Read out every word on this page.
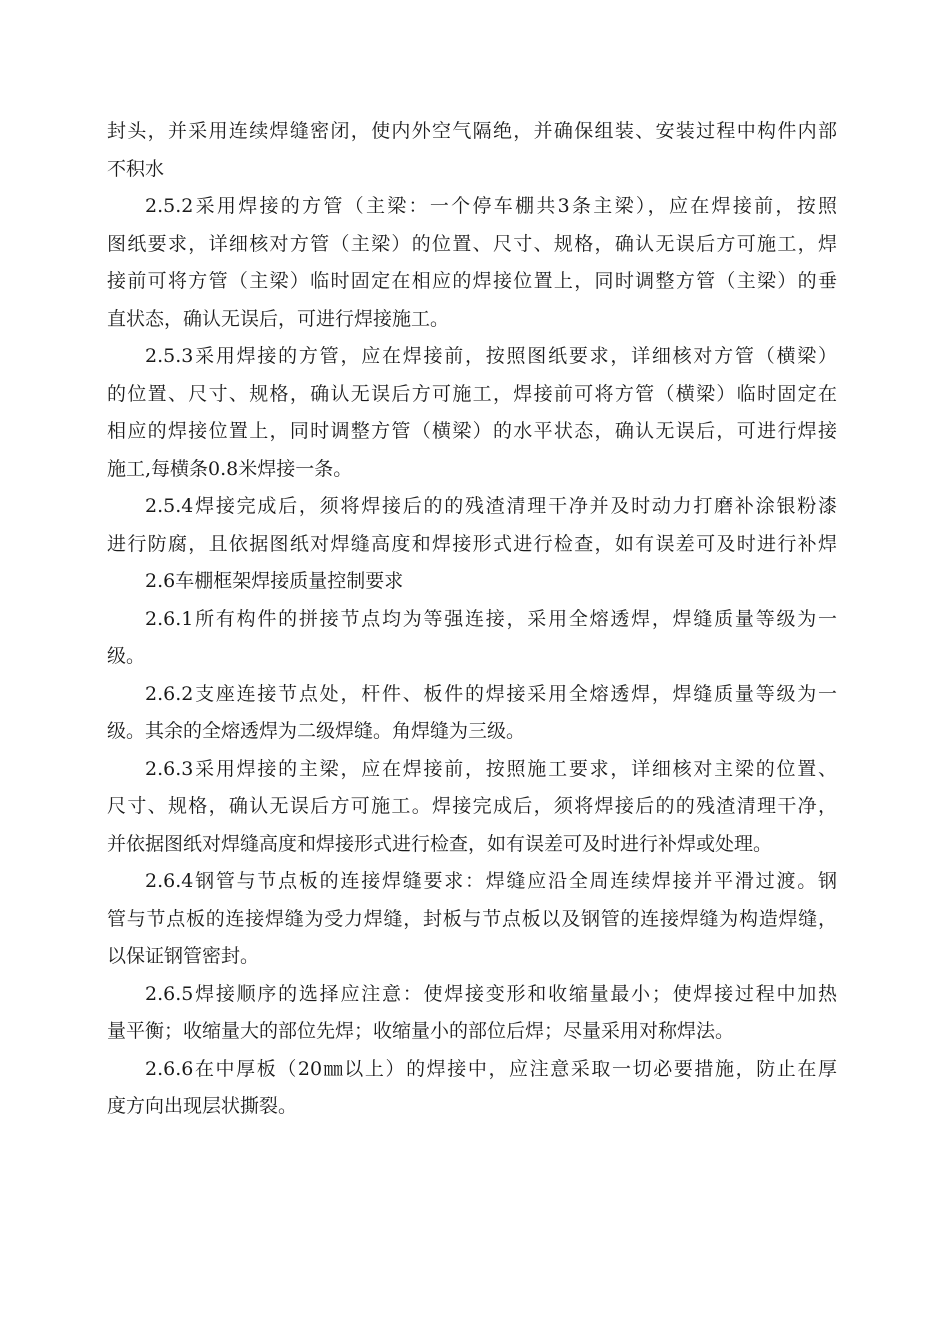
封头，并采用连续焊缝密闭，使内外空气隔绝，并确保组装、安装过程中构件内部
不积水

2.5.2采用焊接的方管（主梁：一个停车棚共3条主梁），应在焊接前，按照
图纸要求，详细核对方管（主梁）的位置、尺寸、规格，确认无误后方可施工，焊
接前可将方管（主梁）临时固定在相应的焊接位置上，同时调整方管（主梁）的垂
直状态，确认无误后，可进行焊接施工。

2.5.3采用焊接的方管，应在焊接前，按照图纸要求，详细核对方管（横梁）
的位置、尺寸、规格，确认无误后方可施工，焊接前可将方管（横梁）临时固定在
相应的焊接位置上，同时调整方管（横梁）的水平状态，确认无误后，可进行焊接
施工,每横条0.8米焊接一条。

2.5.4焊接完成后，须将焊接后的的残渣清理干净并及时动力打磨补涂银粉漆
进行防腐，且依据图纸对焊缝高度和焊接形式进行检查，如有误差可及时进行补焊

2.6车棚框架焊接质量控制要求

2.6.1所有构件的拼接节点均为等强连接，采用全熔透焊，焊缝质量等级为一
级。

2.6.2支座连接节点处，杆件、板件的焊接采用全熔透焊，焊缝质量等级为一
级。其余的全熔透焊为二级焊缝。角焊缝为三级。

2.6.3采用焊接的主梁，应在焊接前，按照施工要求，详细核对主梁的位置、
尺寸、规格，确认无误后方可施工。焊接完成后，须将焊接后的的残渣清理干净，
并依据图纸对焊缝高度和焊接形式进行检查，如有误差可及时进行补焊或处理。

2.6.4钢管与节点板的连接焊缝要求：焊缝应沿全周连续焊接并平滑过渡。钢
管与节点板的连接焊缝为受力焊缝，封板与节点板以及钢管的连接焊缝为构造焊缝，
以保证钢管密封。

2.6.5焊接顺序的选择应注意：使焊接变形和收缩量最小；使焊接过程中加热
量平衡；收缩量大的部位先焊；收缩量小的部位后焊；尽量采用对称焊法。

2.6.6在中厚板（20㎜以上）的焊接中，应注意采取一切必要措施，防止在厚
度方向出现层状撕裂。
